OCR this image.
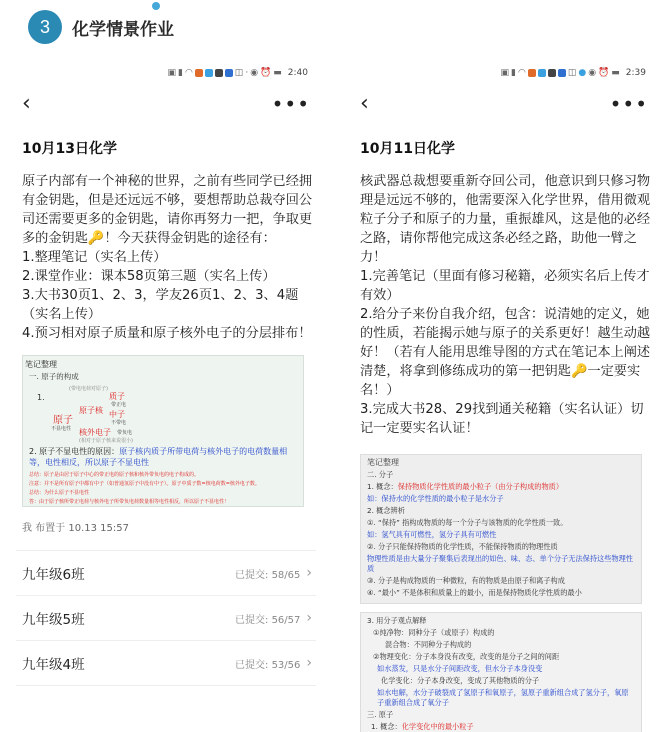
3	化学情景作业
▣ ▮ ◠	◫ · ◉ ⏰ ▬ 2:40
‹	•••
10月13日化学

原子内部有一个神秘的世界，之前有些同学已经拥有金钥匙，但是还远远不够，要想帮助总裁夺回公司还需要更多的金钥匙，请你再努力一把，争取更多的金钥匙🔑！今天获得金钥匙的途径有：

1.整理笔记（实名上传）

2.课堂作业：课本58页第三题（实名上传）

3.大书30页1、2、3，学友26页1、2、3、4题（实名上传）

4.预习相对原子质量和原子核外电子的分层排布！

笔记整理
一. 原子的构成
1.
(带电电荷对原子)
原子
不显电性
原子核
质子
带正电
中子
不带电
核外电子 带负电
(相对于原子核来说很小)
2. 原子不显电性的原因：原子核内质子所带电荷与核外电子的电荷数量相等，电性相反，所以原子不显电性
总结：原子是由居于原子中心的带正电的原子核和核外带负电的电子构成的。
注意：并不是所有原子中都有中子（如普通氢原子中没有中子）。原子中质子数=核电荷数=核外电子数。
总结：为什么原子不显电性
答：由于原子核所带正电荷与核外电子所带负电荷数量相等电性相反，所以原子不显电性！
我 布置于 10.13 15:57
九年级6班	已提交: 58/65 ›
九年级5班	已提交: 56/57 ›
九年级4班	已提交: 53/56 ›
▣ ▮ ◠	◫ ● ◉ ⏰ ▬ 2:39
‹	•••
10月11日化学

核武器总裁想要重新夺回公司，他意识到只修习物理是远远不够的，他需要深入化学世界，借用微观粒子分子和原子的力量，重振雄风，这是他的必经之路，请你帮他完成这条必经之路，助他一臂之力！

1.完善笔记（里面有修习秘籍，必须实名后上传才有效）

2.给分子来份自我介绍，包含：说清她的定义，她的性质，若能揭示她与原子的关系更好！越生动越好！（若有人能用思维导图的方式在笔记本上阐述清楚，将拿到修练成功的第一把钥匙🔑一定要实名！）

3.完成大书28、29找到通关秘籍（实名认证）切记一定要实名认证！

笔记整理
二. 分子
1. 概念：保持物质化学性质的最小粒子（由分子构成的物质）
如：保持水的化学性质的最小粒子是水分子
2. 概念辨析
①. “保持” 指构成物质的每一个分子与该物质的化学性质一致。
如：氢气具有可燃性，氢分子具有可燃性
②. 分子只能保持物质的化学性质，不能保持物质的物理性质
物理性质是由大量分子聚集后表现出的如色、味、态、单个分子无法保持这些物理性质
③. 分子是构成物质的一种微粒，有的物质是由原子和离子构成
④. “最小” 不是体积和质量上的最小，而是保持物质化学性质的最小
3. 用分子观点解释
①纯净物：同种分子（或原子）构成的
混合物：不同种分子构成的
②物理变化：分子本身没有改变，改变的是分子之间的间距
如水蒸发，只是水分子间距改变，但水分子本身没变
化学变化：分子本身改变，变成了其他物质的分子
如水电解，水分子破裂成了氢原子和氧原子，氢原子重新组合成了氢分子，氧原子重新组合成了氧分子
三. 原子
1. 概念：化学变化中的最小粒子
